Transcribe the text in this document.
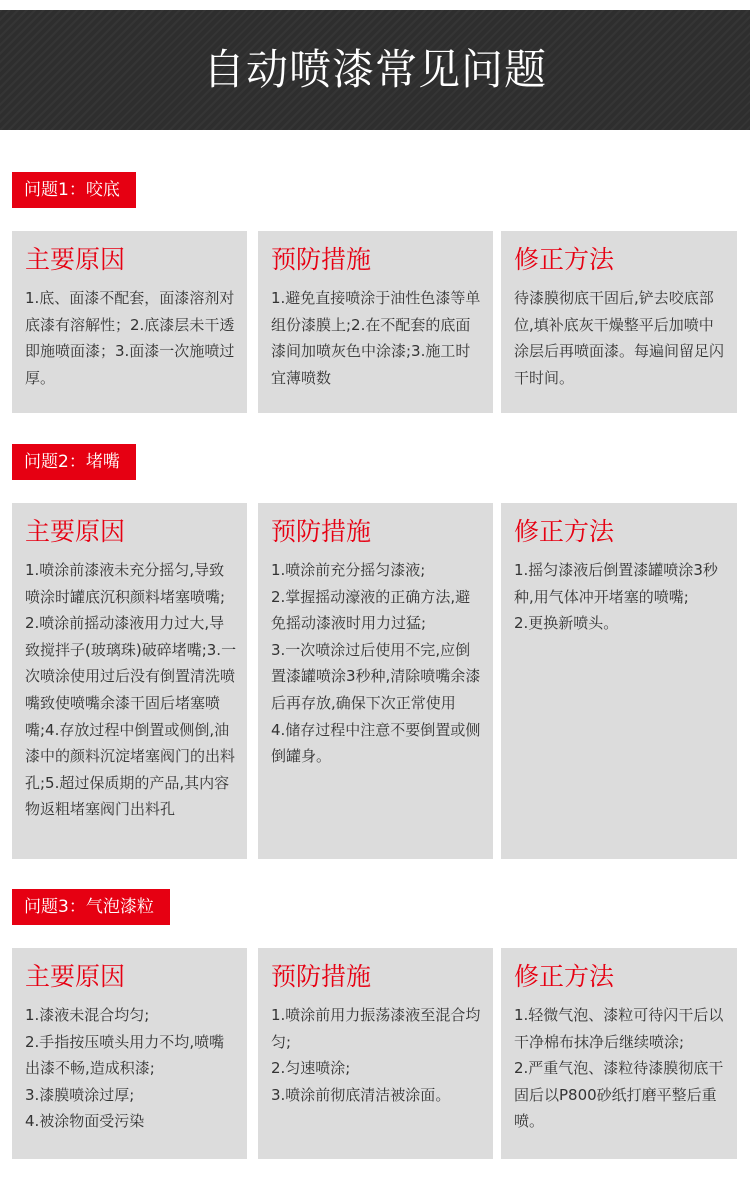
自动喷漆常见问题
问题1：咬底
主要原因
1.底、面漆不配套，面漆溶剂对底漆有溶解性；2.底漆层未干透即施喷面漆；3.面漆一次施喷过厚。
预防措施
1.避免直接喷涂于油性色漆等单组份漆膜上;2.在不配套的底面漆间加喷灰色中涂漆;3.施工时宜薄喷数
修正方法
待漆膜彻底干固后,铲去咬底部位,填补底灰干燥整平后加喷中涂层后再喷面漆。每遍间留足闪干时间。
问题2：堵嘴
主要原因
1.喷涂前漆液未充分摇匀,导致喷涂时罐底沉积颜料堵塞喷嘴;2.喷涂前摇动漆液用力过大,导致搅拌子(玻璃珠)破碎堵嘴;3.一次喷涂使用过后没有倒置清洗喷嘴致使喷嘴余漆干固后堵塞喷嘴;4.存放过程中倒置或侧倒,油漆中的颜料沉淀堵塞阀门的出料孔;5.超过保质期的产品,其内容物返粗堵塞阀门出料孔
预防措施
1.喷涂前充分摇匀漆液;
2.掌握摇动濠液的正确方法,避免摇动漆液时用力过猛;
3.一次喷涂过后使用不完,应倒置漆罐喷涂3秒种,清除喷嘴余漆后再存放,确保下次正常使用
4.储存过程中注意不要倒置或侧倒罐身。
修正方法
1.摇匀漆液后倒置漆罐喷涂3秒种,用气体冲开堵塞的喷嘴;
2.更换新喷头。
问题3：气泡漆粒
主要原因
1.漆液未混合均匀;
2.手指按压喷头用力不均,喷嘴出漆不畅,造成积漆;
3.漆膜喷涂过厚;
4.被涂物面受污染
预防措施
1.喷涂前用力振荡漆液至混合均匀;
2.匀速喷涂;
3.喷涂前彻底清洁被涂面。
修正方法
1.轻微气泡、漆粒可待闪干后以干净棉布抹净后继续喷涂;
2.严重气泡、漆粒待漆膜彻底干固后以P800砂纸打磨平整后重喷。
